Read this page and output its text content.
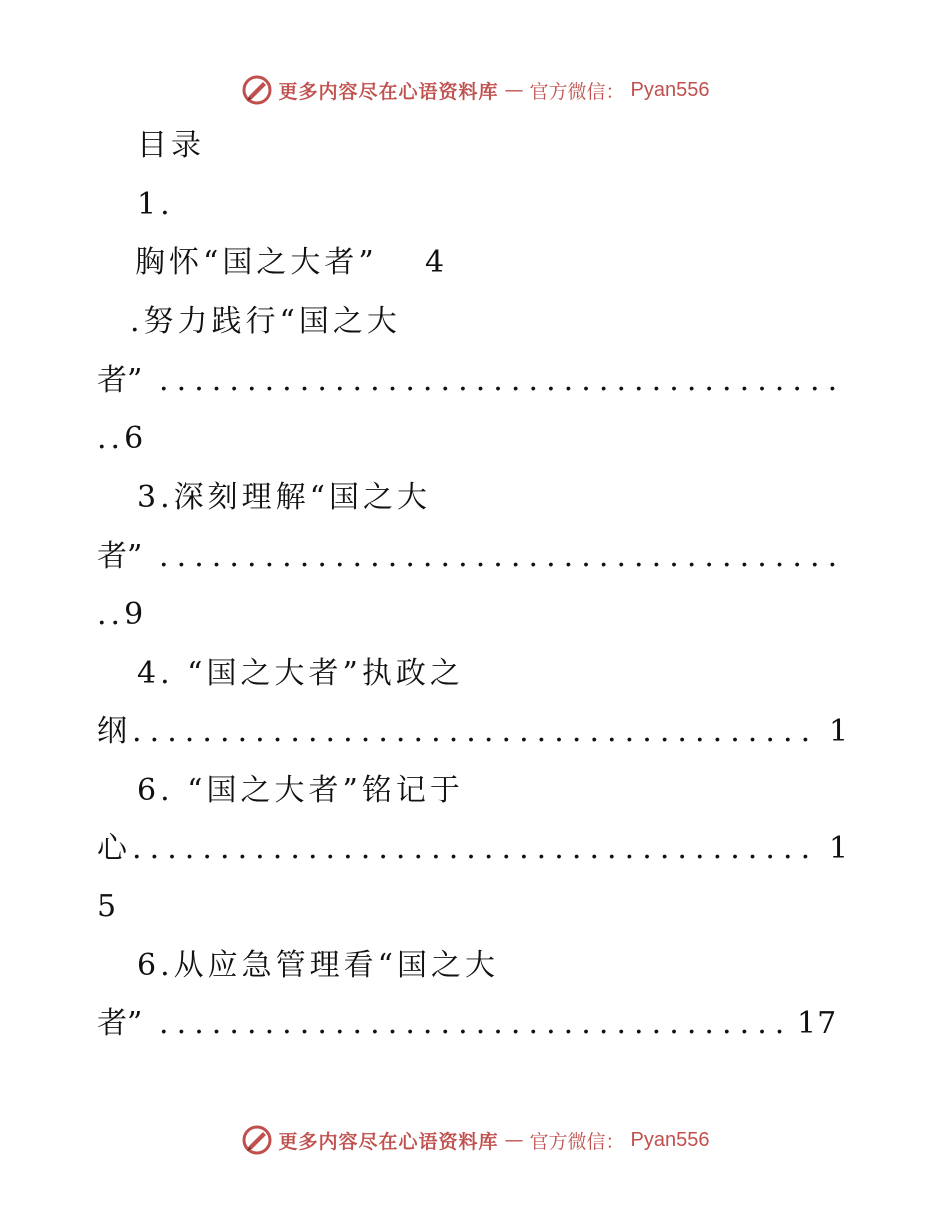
更多内容尽在心语资料库 — 官方微信： Pyan556
目录
1.
胸怀“国之大者” 4
.努力践行“国之大
者” . . . . . . . . . . . . . . . . . . . . . . . . . . . . . . . . . . . . . . .
..6
3.深刻理解“国之大
者” . . . . . . . . . . . . . . . . . . . . . . . . . . . . . . . . . . . . . . .
..9
4. “国之大者”执政之
纲 . . . . . . . . . . . . . . . . . . . . . . . . . . . . . . . . . . . . . . . 1
6. “国之大者”铭记于
心 . . . . . . . . . . . . . . . . . . . . . . . . . . . . . . . . . . . . . . . 1
5
6.从应急管理看“国之大
者” . . . . . . . . . . . . . . . . . . . . . . . . . . . . . . . . . . . . 17
更多内容尽在心语资料库 — 官方微信： Pyan556
